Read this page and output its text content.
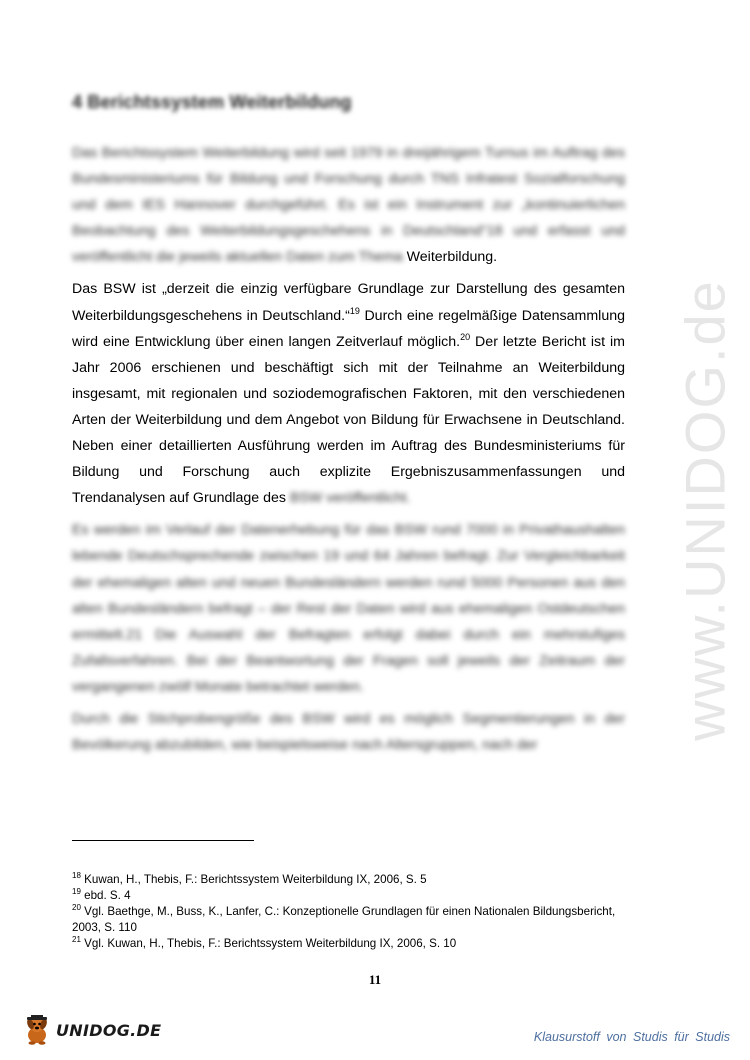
www.UNIDOG.de
4 Berichtssystem Weiterbildung

Das Berichtssystem Weiterbildung wird seit 1979 in dreijährigem Turnus im Auftrag des Bundesministeriums für Bildung und Forschung durch TNS Infratest Sozialforschung und dem IES Hannover durchgeführt. Es ist ein Instrument zur „kontinuierlichen Beobachtung des Weiterbildungsgeschehens in Deutschland“18 und erfasst und veröffentlicht die jeweils aktuellen Daten zum Thema Weiterbildung.

Das BSW ist „derzeit die einzig verfügbare Grundlage zur Darstellung des gesamten Weiterbildungsgeschehens in Deutschland.“$^{19}$ Durch eine regelmäßige Datensammlung wird eine Entwicklung über einen langen Zeitverlauf möglich.$^{20}$ Der letzte Bericht ist im Jahr 2006 erschienen und beschäftigt sich mit der Teilnahme an Weiterbildung insgesamt, mit regionalen und soziodemografischen Faktoren, mit den verschiedenen Arten der Weiterbildung und dem Angebot von Bildung für Erwachsene in Deutschland. Neben einer detaillierten Ausführung werden im Auftrag des Bundesministeriums für Bildung und Forschung auch explizite Ergebniszusammenfassungen und Trendanalysen auf Grundlage des BSW veröffentlicht.

Es werden im Verlauf der Datenerhebung für das BSW rund 7000 in Privathaushalten lebende Deutschsprechende zwischen 19 und 64 Jahren befragt. Zur Vergleichbarkeit der ehemaligen alten und neuen Bundesländern werden rund 5000 Personen aus den alten Bundesländern befragt – der Rest der Daten wird aus ehemaligen Ostdeutschen ermittelt.21 Die Auswahl der Befragten erfolgt dabei durch ein mehrstufiges Zufallsverfahren. Bei der Beantwortung der Fragen soll jeweils der Zeitraum der vergangenen zwölf Monate betrachtet werden.

Durch die Stichprobengröße des BSW wird es möglich Segmentierungen in der Bevölkerung abzubilden, wie beispielsweise nach Altersgruppen, nach der

$^{18}$ Kuwan, H., Thebis, F.: Berichtssystem Weiterbildung IX, 2006, S. 5
$^{19}$ ebd. S. 4
$^{20}$ Vgl. Baethge, M., Buss, K., Lanfer, C.: Konzeptionelle Grundlagen für einen Nationalen Bildungsbericht, 2003, S. 110
$^{21}$ Vgl. Kuwan, H., Thebis, F.: Berichtssystem Weiterbildung IX, 2006, S. 10
11
UNIDOG.DE	Klausurstoff von Studis für Studis
